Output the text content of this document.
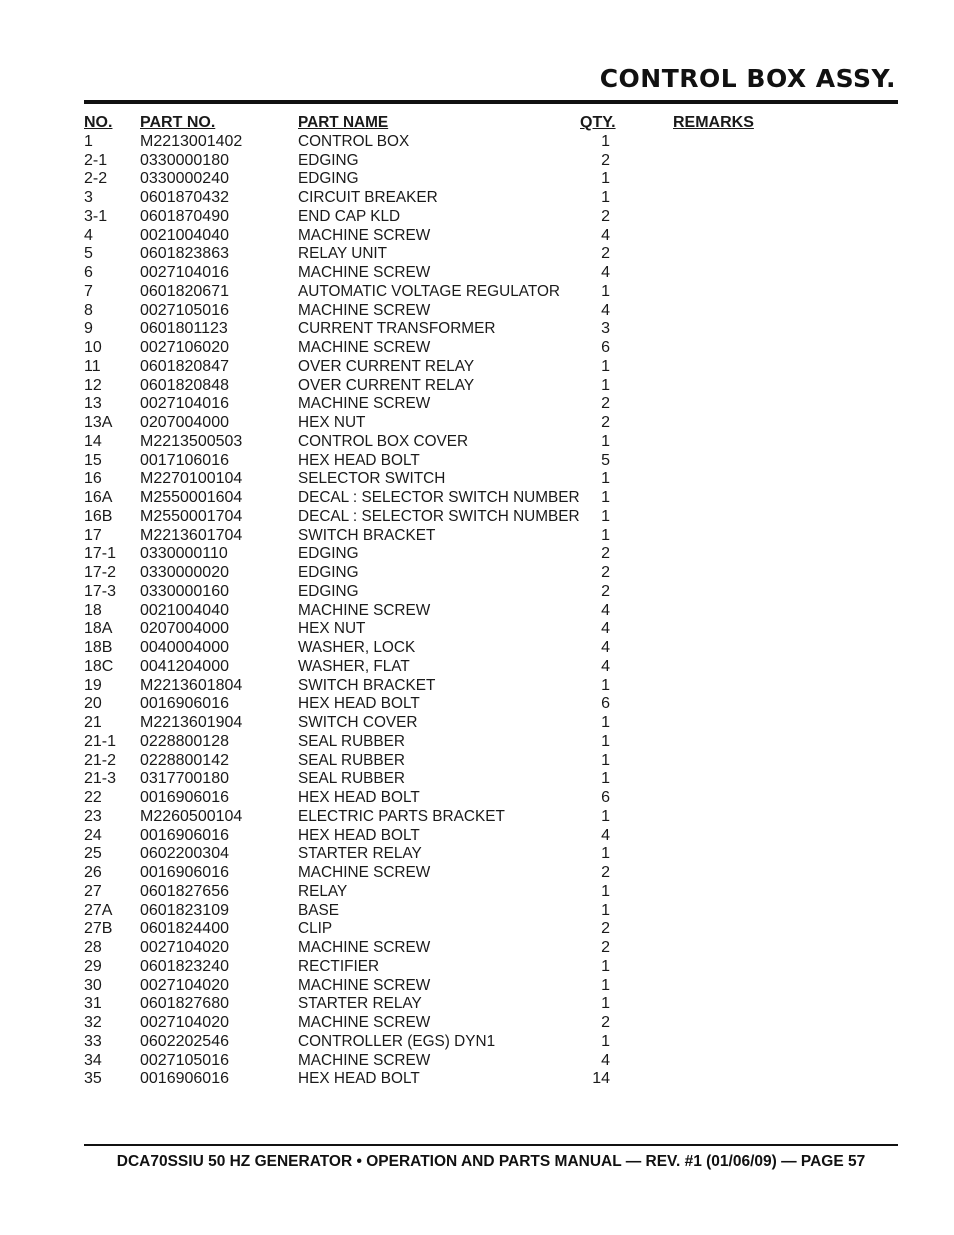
CONTROL BOX ASSY.
NO. PART NO.	PART NAME	QTY.	REMARKS
1	M2213001402	CONTROL BOX	1
2-1 0330000180	EDGING	2
2-2 0330000240	EDGING	1
3	0601870432	CIRCUIT BREAKER	1
3-1 0601870490	END CAP KLD	2
4	0021004040	MACHINE SCREW	4
5	0601823863	RELAY UNIT	2
6	0027104016	MACHINE SCREW	4
7	0601820671	AUTOMATIC VOLTAGE REGULATOR	1
8	0027105016	MACHINE SCREW	4
9	0601801123	CURRENT TRANSFORMER	3
10 0027106020	MACHINE SCREW	6
11 0601820847	OVER CURRENT RELAY	1
12 0601820848	OVER CURRENT RELAY	1
13 0027104016	MACHINE SCREW	2
13A 0207004000	HEX NUT	2
14 M2213500503	CONTROL BOX COVER	1
15 0017106016	HEX HEAD BOLT	5
16 M2270100104	SELECTOR SWITCH	1
16A M2550001604	DECAL : SELECTOR SWITCH NUMBER	1
16B M2550001704	DECAL : SELECTOR SWITCH NUMBER	1
17 M2213601704	SWITCH BRACKET	1
17-1 0330000110	EDGING	2
17-2 0330000020	EDGING	2
17-3 0330000160	EDGING	2
18 0021004040	MACHINE SCREW	4
18A 0207004000	HEX NUT	4
18B 0040004000	WASHER, LOCK	4
18C 0041204000	WASHER, FLAT	4
19 M2213601804	SWITCH BRACKET	1
20 0016906016	HEX HEAD BOLT	6
21 M2213601904	SWITCH COVER	1
21-1 0228800128	SEAL RUBBER	1
21-2 0228800142	SEAL RUBBER	1
21-3 0317700180	SEAL RUBBER	1
22 0016906016	HEX HEAD BOLT	6
23 M2260500104	ELECTRIC PARTS BRACKET	1
24 0016906016	HEX HEAD BOLT	4
25 0602200304	STARTER RELAY	1
26 0016906016	MACHINE SCREW	2
27 0601827656	RELAY	1
27A 0601823109	BASE	1
27B 0601824400	CLIP	2
28 0027104020	MACHINE SCREW	2
29 0601823240	RECTIFIER	1
30 0027104020	MACHINE SCREW	1
31 0601827680	STARTER RELAY	1
32 0027104020	MACHINE SCREW	2
33 0602202546	CONTROLLER (EGS) DYN1	1
34 0027105016	MACHINE SCREW	4
35 0016906016	HEX HEAD BOLT	14
DCA70SSIU 50 HZ GENERATOR • OPERATION AND PARTS MANUAL — REV. #1 (01/06/09) — PAGE 57
